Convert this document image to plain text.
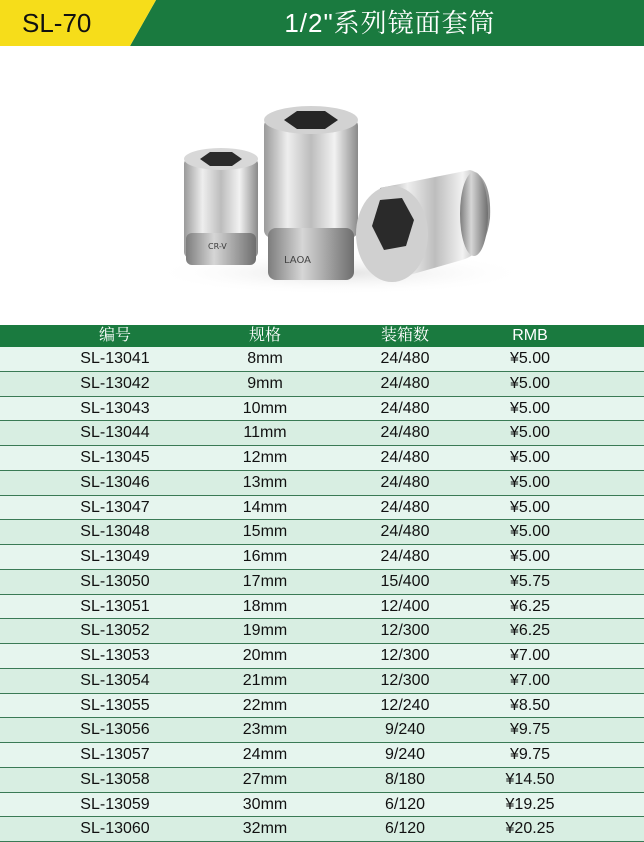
SL-70	1/2"系列镜面套筒
CR-V
LAOA
编号	规格	装箱数	RMB
SL-13041	8mm	24/480	¥5.00
SL-13042	9mm	24/480	¥5.00
SL-13043	10mm	24/480	¥5.00
SL-13044	11mm	24/480	¥5.00
SL-13045	12mm	24/480	¥5.00
SL-13046	13mm	24/480	¥5.00
SL-13047	14mm	24/480	¥5.00
SL-13048	15mm	24/480	¥5.00
SL-13049	16mm	24/480	¥5.00
SL-13050	17mm	15/400	¥5.75
SL-13051	18mm	12/400	¥6.25
SL-13052	19mm	12/300	¥6.25
SL-13053	20mm	12/300	¥7.00
SL-13054	21mm	12/300	¥7.00
SL-13055	22mm	12/240	¥8.50
SL-13056	23mm	9/240	¥9.75
SL-13057	24mm	9/240	¥9.75
SL-13058	27mm	8/180	¥14.50
SL-13059	30mm	6/120	¥19.25
SL-13060	32mm	6/120	¥20.25
